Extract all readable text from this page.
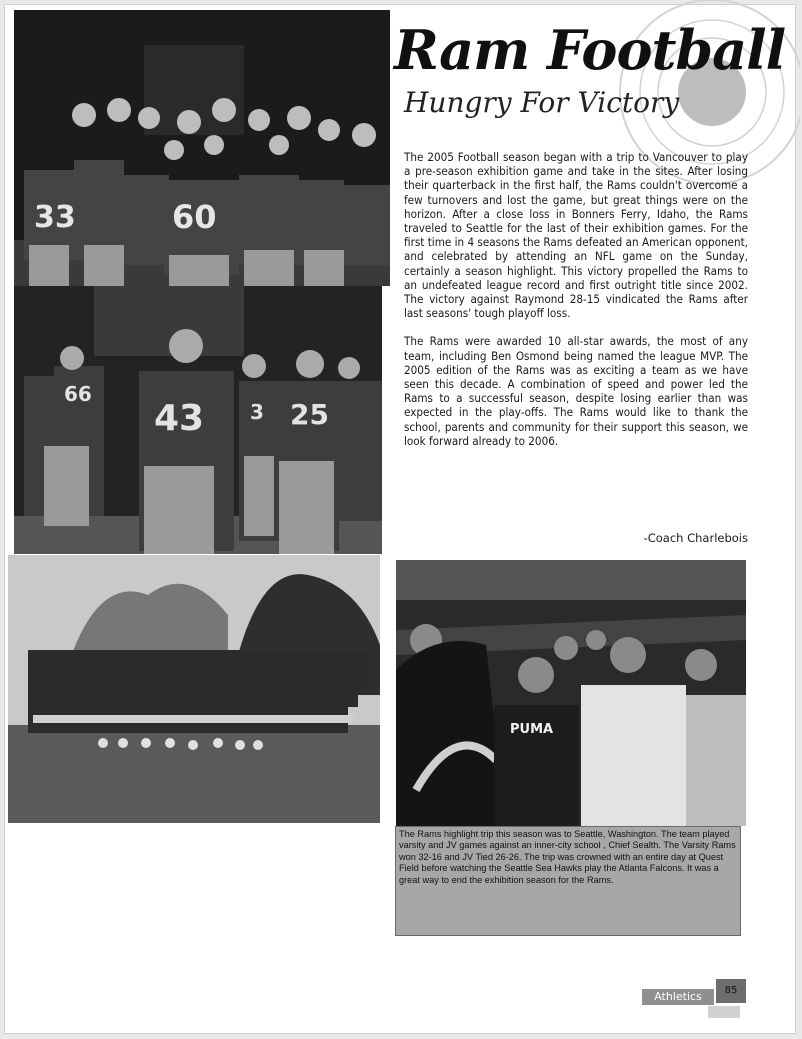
33	60
66
43 3 25
PUMA
Ram Football
Hungry For Victory

The 2005 Football season began with a trip to Vancouver to play a pre-season exhibition game and take in the sites. After losing their quarterback in the first half, the Rams couldn't overcome a few turnovers and lost the game, but great things were on the horizon. After a close loss in Bonners Ferry, Idaho, the Rams traveled to Seattle for the last of their exhibition games. For the first time in 4 seasons the Rams defeated an American opponent, and celebrated by attending an NFL game on the Sunday, certainly a season highlight. This victory propelled the Rams to an undefeated league record and first outright title since 2002. The victory against Raymond 28-15 vindicated the Rams after last seasons' tough playoff loss.

The Rams were awarded 10 all-star awards, the most of any team, including Ben Osmond being named the league MVP. The 2005 edition of the Rams was as exciting a team as we have seen this decade. A combination of speed and power led the Rams to a successful season, despite losing earlier than was expected in the play-offs. The Rams would like to thank the school, parents and community for their support this season, we look forward already to 2006.

-Coach Charlebois
The Rams highlight trip this season was to Seattle, Washington. The team played varsity and JV games against an inner-city school , Chief Sealth. The Varsity Rams won 32-16 and JV Tied 26-26. The trip was crowned with an entire day at Quest Field before watching the Seattle Sea Hawks play the Atlanta Falcons. It was a great way to end the exhibition season for the Rams.
Athletics	85
